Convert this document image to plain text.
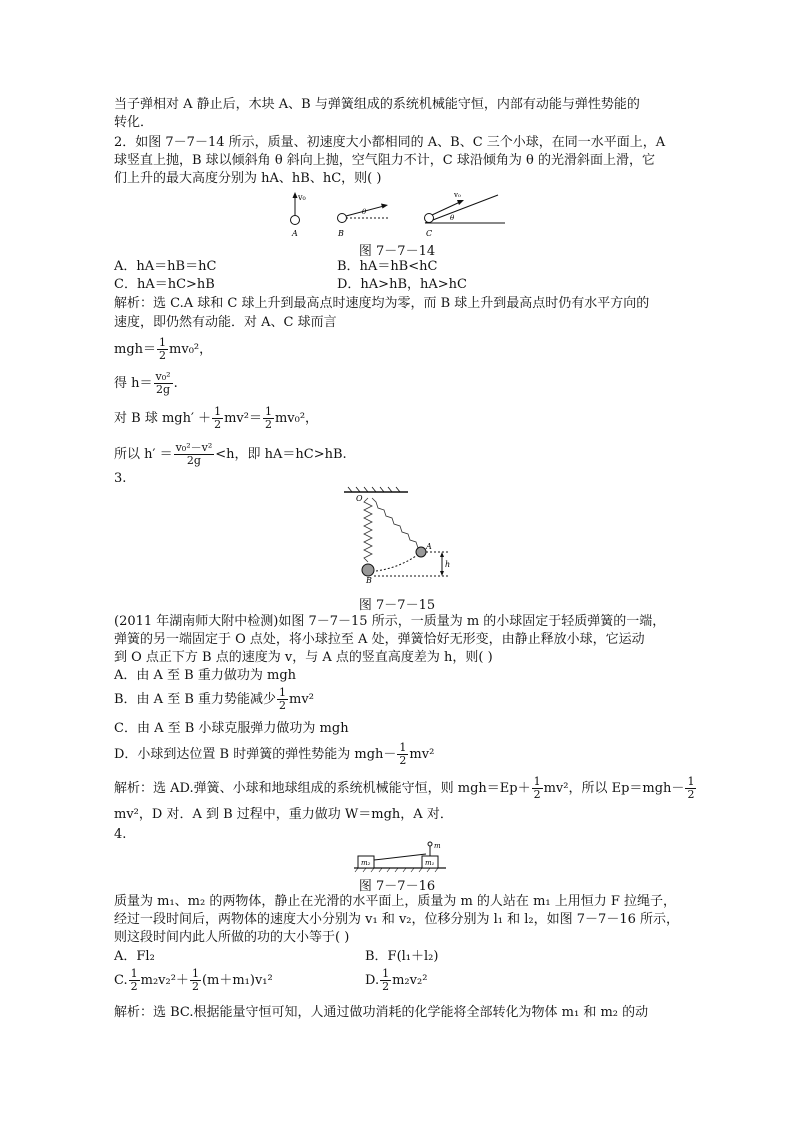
当子弹相对 A 静止后，木块 A、B 与弹簧组成的系统机械能守恒，内部有动能与弹性势能的
转化．
2．如图 7－7－14 所示，质量、初速度大小都相同的 A、B、C 三个小球，在同一水平面上，A
球竖直上抛，B 球以倾斜角 θ 斜向上抛，空气阻力不计，C 球沿倾角为 θ 的光滑斜面上滑，它
们上升的最大高度分别为 hA、hB、hC，则( )
v₀
A
θ
B
v₀
θ
C
图 7－7－14
A．hA＝hB＝hC	B．hA＝hB<hC
C．hA＝hC>hB	D．hA>hB，hA>hC
解析：选 C.A 球和 C 球上升到最高点时速度均为零，而 B 球上升到最高点时仍有水平方向的
速度，即仍然有动能．对 A、C 球而言
$mgh= \frac{1}{2} mv_0^2$，
得 $h= \frac{\text{v₀²}}{2g}$ .
对 B 球 $mgh' + \frac{1}{2} mv^2= \frac{1}{2} mv_0^2$，
所以 $h' = \frac{\text{v₀²－v²}}{2g} <h$，即 hA＝hC>hB.
3.
O
A
B
h
图 7－7－15
(2011 年湖南师大附中检测)如图 7－7－15 所示，一质量为 m 的小球固定于轻质弹簧的一端，
弹簧的另一端固定于 O 点处，将小球拉至 A 处，弹簧恰好无形变，由静止释放小球，它运动
到 O 点正下方 B 点的速度为 v，与 A 点的竖直高度差为 h，则( )
A．由 A 至 B 重力做功为 mgh
B．由 A 至 B 重力势能减少 $\frac{1}{2} mv^2$
C．由 A 至 B 小球克服弹力做功为 mgh
D．小球到达位置 B 时弹簧的弹性势能为 $mgh- \frac{1}{2} mv^2$
解析：选 AD.弹簧、小球和地球组成的系统机械能守恒，则 $mgh=Ep+ \frac{1}{2} mv^2$，所以 $Ep=mgh- \frac{1}{2}$
mv²，D 对．A 到 B 过程中，重力做功 W＝mgh，A 对．
4.
m₂	m₁
m
图 7－7－16
质量为 m₁、m₂ 的两物体，静止在光滑的水平面上，质量为 m 的人站在 m₁ 上用恒力 F 拉绳子，
经过一段时间后，两物体的速度大小分别为 v₁ 和 v₂，位移分别为 l₁ 和 l₂，如图 7－7－16 所示，
则这段时间内此人所做的功的大小等于( )
A．Fl₂	B．F(l₁＋l₂)
C. $\frac{1}{2} m_2v_2^2+ \frac{1}{2} (m+m_1)v_1^2$	D. $\frac{1}{2} m_2v_2^2$
解析：选 BC.根据能量守恒可知，人通过做功消耗的化学能将全部转化为物体 m₁ 和 m₂ 的动
